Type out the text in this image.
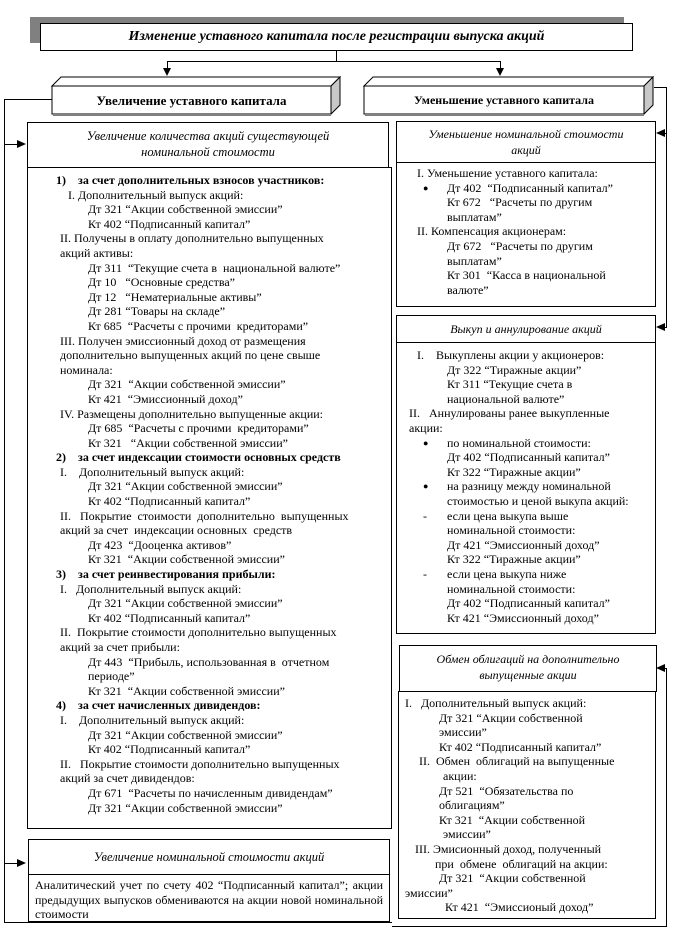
Изменение уставного капитала после регистрации выпуска акций
Увеличение уставного капитала	Уменьшение уставного капитала
Увеличение количества акций существующей
номинальной стоимости
1)    за счет дополнительных взносов участников:
I. Дополнительный выпуск акций:
Дт 321 “Акции собственной эмиссии”
Кт 402 “Подписанный капитал”
II. Получены в оплату дополнительно выпущенных
акций активы:
Дт 311  “Текущие счета в  национальной валюте”
Дт 10   “Основные средства”
Дт 12   “Нематериальные активы”
Дт 281 “Товары на складе”
Кт 685  “Расчеты с прочими  кредиторами”
III. Получен эмиссионный доход от размещения
дополнительно выпущенных акций по цене свыше
номинала:
Дт 321  “Акции собственной эмиссии”
Кт 421  “Эмиссионный доход”
IV. Размещены дополнительно выпущенные акции:
Дт 685  “Расчеты с прочими  кредиторами”
Кт 321   “Акции собственной эмиссии”
2)    за счет индексации стоимости основных средств
I.    Дополнительный выпуск акций:
Дт 321 “Акции собственной эмиссии”
Кт 402 “Подписанный капитал”
II.   Покрытие  стоимости  дополнительно  выпущенных
акций за счет  индексации основных  средств
Дт 423  “Дооценка активов”
Кт 321  “Акции собственной эмиссии”
3)    за счет реинвестирования прибыли:
I.   Дополнительный выпуск акций:
Дт 321 “Акции собственной эмиссии”
Кт 402 “Подписанный капитал”
II.  Покрытие стоимости дополнительно выпущенных
акций за счет прибыли:
Дт 443  “Прибыль, использованная в  отчетном
периоде”
Кт 321  “Акции собственной эмиссии”
4)    за счет начисленных дивидендов:
I.    Дополнительный выпуск акций:
Дт 321 “Акции собственной эмиссии”
Кт 402 “Подписанный капитал”
II.   Покрытие стоимости дополнительно выпущенных
акций за счет дивидендов:
Дт 671  “Расчеты по начисленным дивидендам”
Дт 321 “Акции собственной эмиссии”
Увеличение номинальной стоимости акций
Аналитический учет по счету 402 “Подписанный капитал”; акции предыдущих выпусков обмениваются на акции новой номинальной стоимости
Уменьшение номинальной стоимости
акций
I. Уменьшение уставного капитала:
● Дт 402  “Подписанный капитал”
Кт 672   “Расчеты по другим
выплатам”
II. Компенсация акционерам:
Дт 672   “Расчеты по другим
выплатам”
Кт 301  “Касса в национальной
валюте”
Выкуп и аннулирование акций
I.    Выкуплены акции у акционеров:
Дт 322 “Тиражные акции”
Кт 311 “Текущие счета в
национальной валюте”
II.   Аннулированы ранее выкупленные
акции:
● по номинальной стоимости:
Дт 402 “Подписанный капитал”
Кт 322 “Тиражные акции”
● на разницу между номинальной
стоимостью и ценой выкупа акций:
- если цена выкупа выше
номинальной стоимости:
Дт 421 “Эмиссионный доход”
Кт 322 “Тиражные акции”
- если цена выкупа ниже
номинальной стоимости:
Дт 402 “Подписанный капитал”
Кт 421 “Эмиссионный доход”
Обмен облигаций на дополнительно
выпущенные акции
I.   Дополнительный выпуск акций:
Дт 321 “Акции собственной
эмиссии”
Кт 402 “Подписанный капитал”
II.  Обмен  облигаций на выпущенные
акции:
Дт 521  “Обязательства по
облигациям”
Кт 321  “Акции собственной
эмиссии”
III. Эмисионный доход, полученный
при  обмене  облигаций на акции:
Дт 321  “Акции собственной
эмиссии”
Кт 421  “Эмиссионый доход”
